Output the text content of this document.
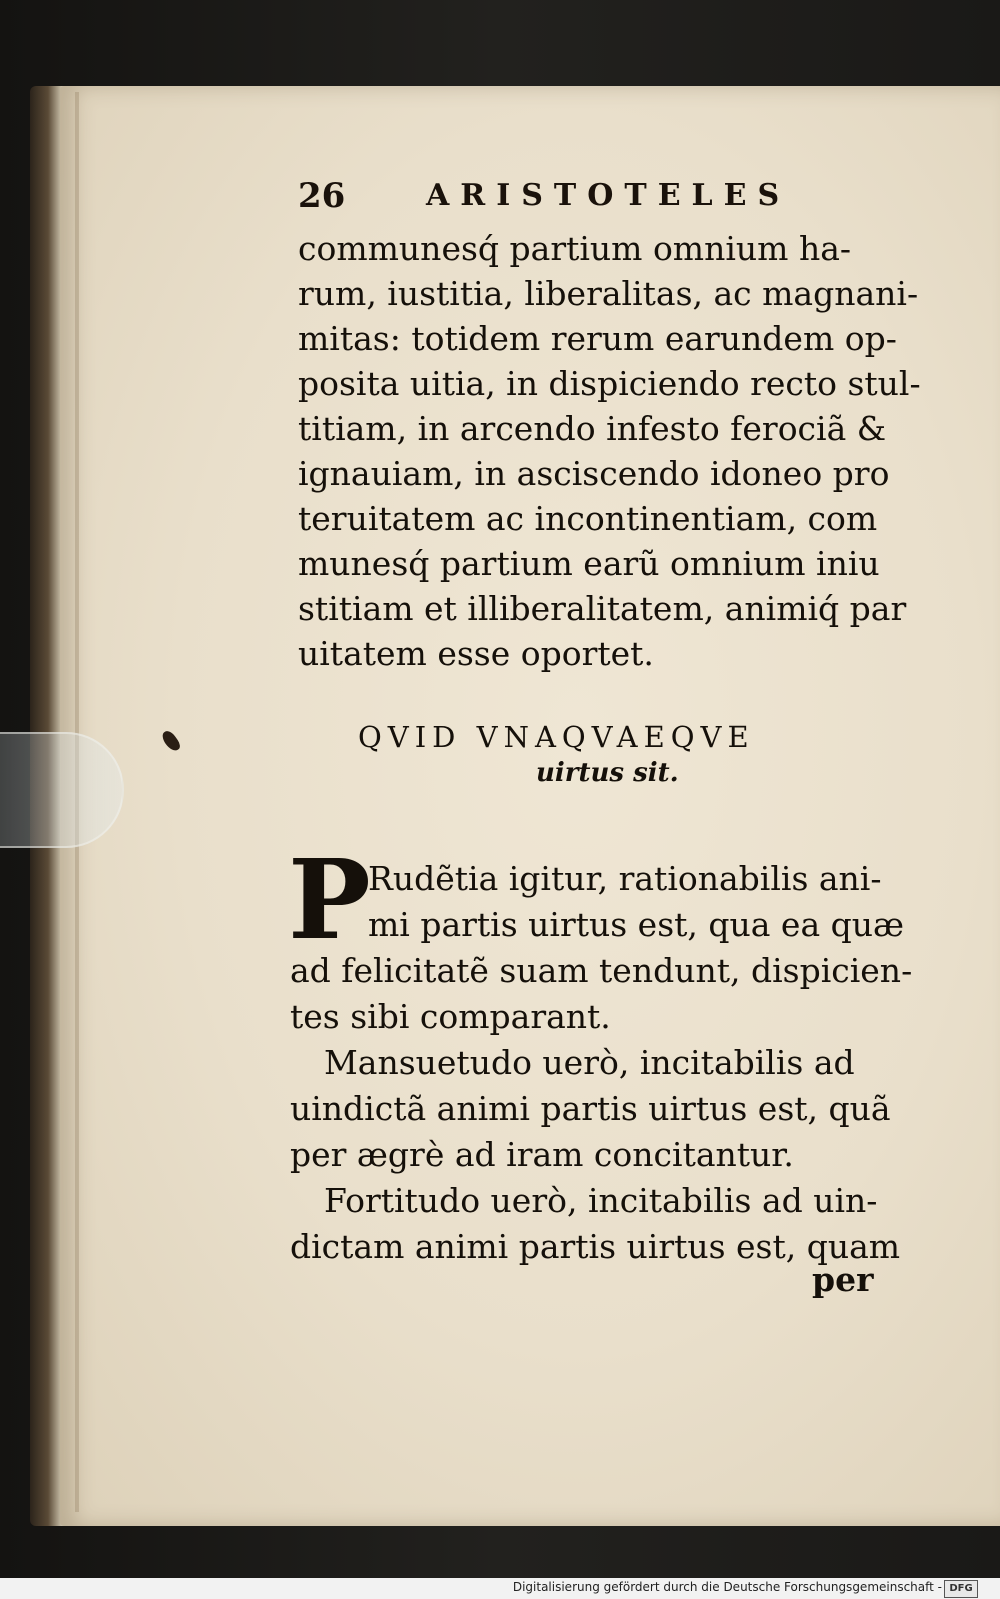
26	ARISTOTELES
communesq́ partium omnium ha-
rum, iustitia, liberalitas, ac magnani-
mitas: totidem rerum earundem op-
posita uitia, in dispiciendo recto stul-
titiam, in arcendo infesto ferociã &
ignauiam, in asciscendo idoneo pro
teruitatem ac incontinentiam, com
munesq́ partium earũ omnium iniu
stitiam et illiberalitatem, animiq́ par
uitatem esse oportet.
QVID VNAQVAEQVE
uirtus sit.
P
Rudẽtia igitur, rationabilis ani-
mi partis uirtus est, qua ea quæ
ad felicitatẽ suam tendunt, dispicien-
tes sibi comparant.
Mansuetudo uerò, incitabilis ad
uindictã animi partis uirtus est, quã
per ægrè ad iram concitantur.
Fortitudo uerò, incitabilis ad uin-
dictam animi partis uirtus est, quam
per
Digitalisierung gefördert durch die Deutsche Forschungsgemeinschaft - DFG
